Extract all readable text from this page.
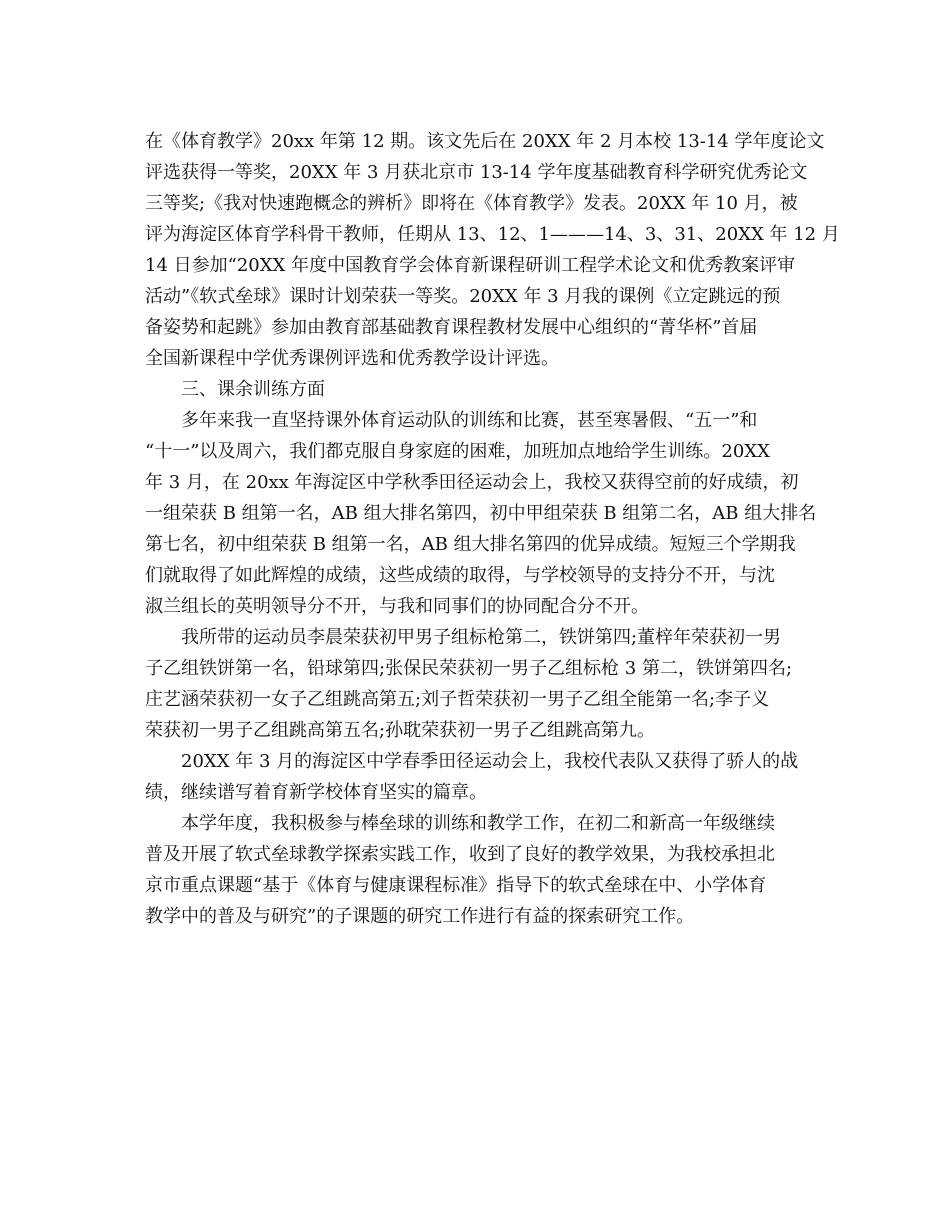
在《体育教学》20xx 年第 12 期。该文先后在 20XX 年 2 月本校 13-14 学年度论文
评选获得一等奖，20XX 年 3 月获北京市 13-14 学年度基础教育科学研究优秀论文
三等奖;《我对快速跑概念的辨析》即将在《体育教学》发表。20XX 年 10 月，被
评为海淀区体育学科骨干教师，任期从 13、12、1———14、3、31、20XX 年 12 月
14 日参加“20XX 年度中国教育学会体育新课程研训工程学术论文和优秀教案评审
活动”《软式垒球》课时计划荣获一等奖。20XX 年 3 月我的课例《立定跳远的预
备姿势和起跳》参加由教育部基础教育课程教材发展中心组织的“菁华杯”首届
全国新课程中学优秀课例评选和优秀教学设计评选。
三、课余训练方面
多年来我一直坚持课外体育运动队的训练和比赛，甚至寒暑假、“五一”和
“十一”以及周六，我们都克服自身家庭的困难，加班加点地给学生训练。20XX
年 3 月，在 20xx 年海淀区中学秋季田径运动会上，我校又获得空前的好成绩，初
一组荣获 B 组第一名，AB 组大排名第四，初中甲组荣获 B 组第二名，AB 组大排名
第七名，初中组荣获 B 组第一名，AB 组大排名第四的优异成绩。短短三个学期我
们就取得了如此辉煌的成绩，这些成绩的取得，与学校领导的支持分不开，与沈
淑兰组长的英明领导分不开，与我和同事们的协同配合分不开。
我所带的运动员李晨荣获初甲男子组标枪第二，铁饼第四;董梓年荣获初一男
子乙组铁饼第一名，铅球第四;张保民荣获初一男子乙组标枪 3 第二，铁饼第四名;
庄艺涵荣获初一女子乙组跳高第五;刘子哲荣获初一男子乙组全能第一名;李子义
荣获初一男子乙组跳高第五名;孙耽荣获初一男子乙组跳高第九。
20XX 年 3 月的海淀区中学春季田径运动会上，我校代表队又获得了骄人的战
绩，继续谱写着育新学校体育坚实的篇章。
本学年度，我积极参与棒垒球的训练和教学工作，在初二和新高一年级继续
普及开展了软式垒球教学探索实践工作，收到了良好的教学效果，为我校承担北
京市重点课题“基于《体育与健康课程标准》指导下的软式垒球在中、小学体育
教学中的普及与研究”的子课题的研究工作进行有益的探索研究工作。
